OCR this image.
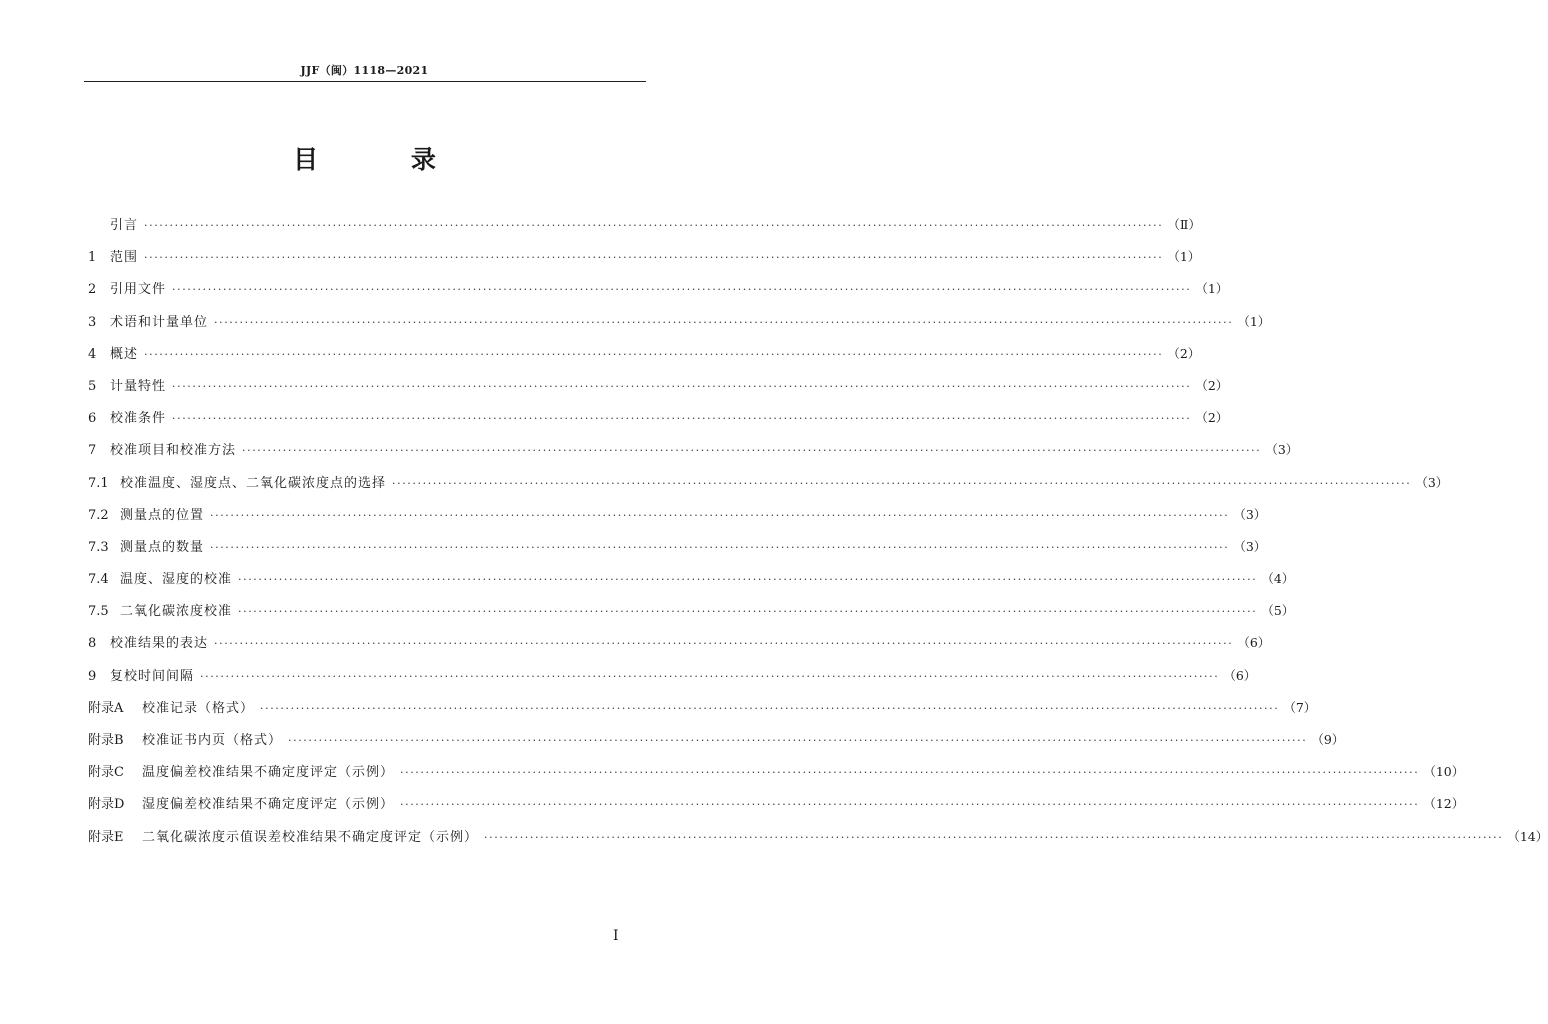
JJF（闽）1118—2021
目 录
引言 ········································································································································································································ （Ⅱ）
1	范围 ········································································································································································································ （1）
2	引用文件 ········································································································································································································ （1）
3	术语和计量单位 ········································································································································································································ （1）
4	概述 ········································································································································································································ （2）
5	计量特性 ········································································································································································································ （2）
6	校准条件 ········································································································································································································ （2）
7	校准项目和校准方法 ········································································································································································································ （3）
7.1 校准温度、湿度点、二氧化碳浓度点的选择 ········································································································································································································ （3）
7.2 测量点的位置 ········································································································································································································ （3）
7.3 测量点的数量 ········································································································································································································ （3）
7.4 温度、湿度的校准 ········································································································································································································ （4）
7.5 二氧化碳浓度校准 ········································································································································································································ （5）
8	校准结果的表达 ········································································································································································································ （6）
9	复校时间间隔 ········································································································································································································ （6）
附录A	校准记录（格式） ········································································································································································································ （7）
附录B	校准证书内页（格式） ········································································································································································································ （9）
附录C	温度偏差校准结果不确定度评定（示例） ········································································································································································································ （10）
附录D	湿度偏差校准结果不确定度评定（示例） ········································································································································································································ （12）
附录E	二氧化碳浓度示值误差校准结果不确定度评定（示例） ········································································································································································································ （14）
Ⅰ
